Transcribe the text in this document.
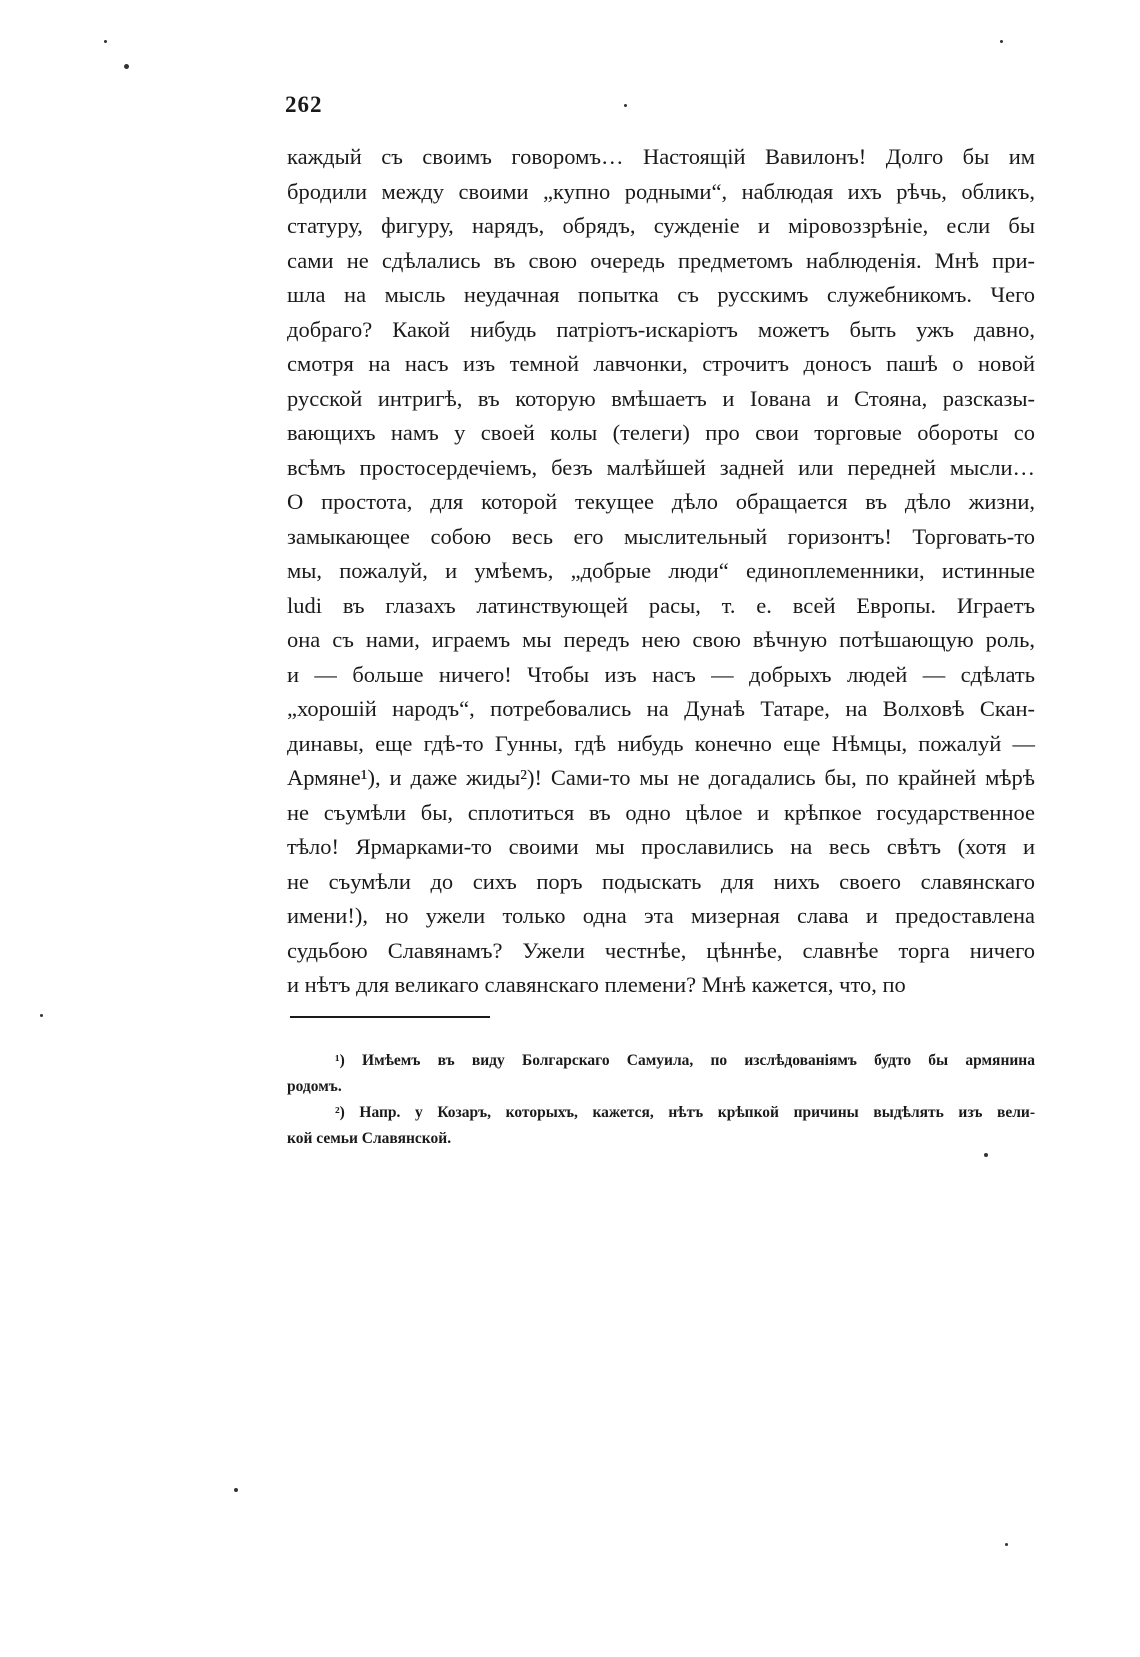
262
каждый съ своимъ говоромъ… Настоящій Вавилонъ! Долго бы им
бродили между своими „купно родными“, наблюдая ихъ рѣчь, обликъ,
статуру, фигуру, нарядъ, обрядъ, сужденіе и міровоззрѣніе, если бы
сами не сдѣлались въ свою очередь предметомъ наблюденія. Мнѣ при-
шла на мысль неудачная попытка съ русскимъ служебникомъ. Чего
добраго? Какой нибудь патріотъ-искаріотъ можетъ быть ужъ давно,
смотря на насъ изъ темной лавчонки, строчитъ доносъ пашѣ о новой
русской интригѣ, въ которую вмѣшаетъ и Іована и Стояна, разсказы-
вающихъ намъ у своей колы (телеги) про свои торговые обороты со
всѣмъ простосердечіемъ, безъ малѣйшей задней или передней мысли…
О простота, для которой текущее дѣло обращается въ дѣло жизни,
замыкающее собою весь его мыслительный горизонтъ! Торговать-то
мы, пожалуй, и умѣемъ, „добрые люди“ единоплеменники, истинные
ludi въ глазахъ латинствующей расы, т. е. всей Европы. Играетъ
она съ нами, играемъ мы передъ нею свою вѣчную потѣшающую роль,
и — больше ничего! Чтобы изъ насъ — добрыхъ людей — сдѣлать
„хорошій народъ“, потребовались на Дунаѣ Татаре, на Волховѣ Скан-
динавы, еще гдѣ-то Гунны, гдѣ нибудь конечно еще Нѣмцы, пожалуй —
Армяне¹), и даже жиды²)! Сами-то мы не догадались бы, по крайней мѣрѣ
не съумѣли бы, сплотиться въ одно цѣлое и крѣпкое государственное
тѣло! Ярмарками-то своими мы прославились на весь свѣтъ (хотя и
не съумѣли до сихъ поръ подыскать для нихъ своего славянскаго
имени!), но ужели только одна эта мизерная слава и предоставлена
судьбою Славянамъ? Ужели честнѣе, цѣннѣе, славнѣе торга ничего
и нѣтъ для великаго славянскаго племени? Мнѣ кажется, что, по
¹) Имѣемъ въ виду Болгарскаго Самуила, по изслѣдованіямъ будто бы армянина
родомъ.
²) Напр. у Козаръ, которыхъ, кажется, нѣтъ крѣпкой причины выдѣлять изъ вели-
кой семьи Славянской.
